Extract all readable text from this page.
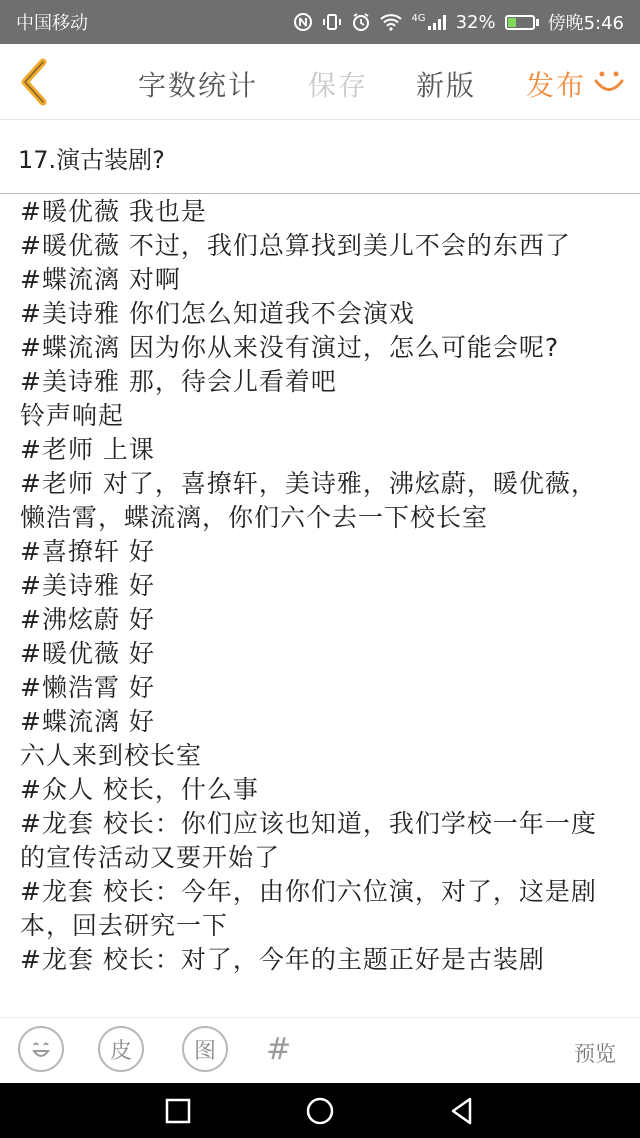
中国移动	4G 32%	傍晚5:46
字数统计 保存 新版 发布
17.演古装剧?

#暖优薇 我也是

#暖优薇 不过，我们总算找到美儿不会的东西了

#蝶流漓 对啊

#美诗雅 你们怎么知道我不会演戏

#蝶流漓 因为你从来没有演过，怎么可能会呢?

#美诗雅 那，待会儿看着吧

铃声响起

#老师 上课

#老师 对了，喜撩轩，美诗雅，沸炫蔚，暖优薇，懒浩霄，蝶流漓，你们六个去一下校长室

#喜撩轩 好

#美诗雅 好

#沸炫蔚 好

#暖优薇 好

#懒浩霄 好

#蝶流漓 好

六人来到校长室

#众人 校长，什么事

#龙套 校长：你们应该也知道，我们学校一年一度的宣传活动又要开始了

#龙套 校长：今年，由你们六位演，对了，这是剧本，回去研究一下

#龙套 校长：对了，今年的主题正好是古装剧

皮	图 #	预览
